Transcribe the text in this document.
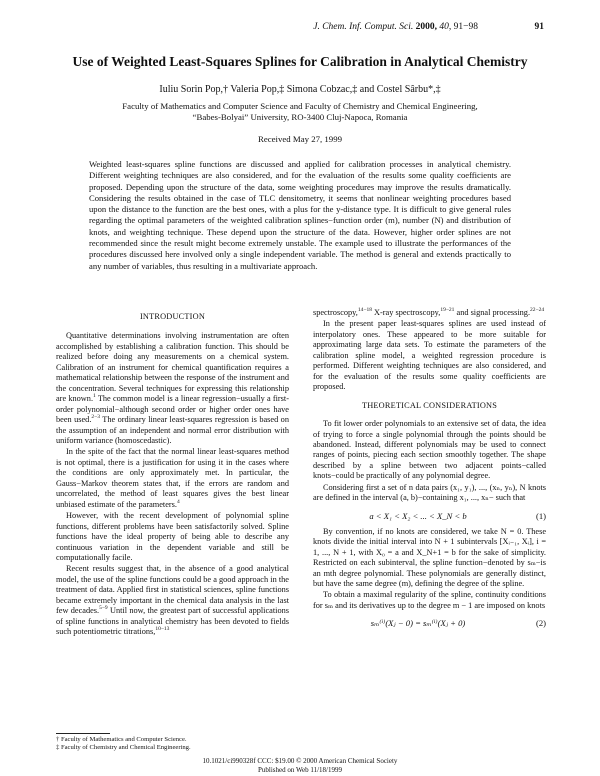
J. Chem. Inf. Comput. Sci. 2000, 40, 91−98	91
Use of Weighted Least-Squares Splines for Calibration in Analytical Chemistry
Iuliu Sorin Pop,† Valeria Pop,‡ Simona Cobzac,‡ and Costel Sârbu*,‡
Faculty of Mathematics and Computer Science and Faculty of Chemistry and Chemical Engineering,
“Babes-Bolyai” University, RO-3400 Cluj-Napoca, Romania
Received May 27, 1999
Weighted least-squares spline functions are discussed and applied for calibration processes in analytical chemistry. Different weighting techniques are also considered, and for the evaluation of the results some quality coefficients are proposed. Depending upon the structure of the data, some weighting procedures may improve the results dramatically. Considering the results obtained in the case of TLC densitometry, it seems that nonlinear weighting procedures based upon the distance to the function are the best ones, with a plus for the y-distance type. It is difficult to give general rules regarding the optimal parameters of the weighted calibration splines−function order (m), number (N) and distribution of knots, and weighting technique. These depend upon the structure of the data. However, higher order splines are not recommended since the result might become extremely unstable. The example used to illustrate the performances of the procedures discussed here involved only a single independent variable. The method is general and extends practically to any number of variables, thus resulting in a multivariate approach.
INTRODUCTION

Quantitative determinations involving instrumentation are often accomplished by establishing a calibration function. This should be realized before doing any measurements on a chemical system. Calibration of an instrument for chemical quantification requires a mathematical relationship between the response of the instrument and the concentration. Several techniques for expressing this relationship are known.$^1$ The common model is a linear regression−usually a first-order polynomial−although second order or higher order ones have been used.$^{2-3}$ The ordinary linear least-squares regression is based on the assumption of an independent and normal error distribution with uniform variance (homoscedastic).

In the spite of the fact that the normal linear least-squares method is not optimal, there is a justification for using it in the cases where the conditions are only approximately met. In particular, the Gauss−Markov theorem states that, if the errors are random and uncorrelated, the method of least squares gives the best linear unbiased estimate of the parameters.$^4$

However, with the recent development of polynomial spline functions, different problems have been satisfactorily solved. Spline functions have the ideal property of being able to describe any continuous variation in the dependent variable and still be computationally facile.

Recent results suggest that, in the absence of a good analytical model, the use of the spline functions could be a good approach in the treatment of data. Applied first in statistical sciences, spline functions became extremely important in the chemical data analysis in the last few decades.$^{5-9}$ Until now, the greatest part of successful applications of spline functions in analytical chemistry has been devoted to fields such potentiometric titrations,$^{10-13}$

spectroscopy,$^{14-18}$ X-ray spectroscopy,$^{19-21}$ and signal processing.$^{22-24}$

In the present paper least-squares splines are used instead of interpolatory ones. These appeared to be more suitable for approximating large data sets. To estimate the parameters of the calibration spline model, a weighted regression procedure is performed. Different weighting techniques are also considered, and for the evaluation of the results some quality coefficients are proposed.

THEORETICAL CONSIDERATIONS

To fit lower order polynomials to an extensive set of data, the idea of trying to force a single polynomial through the points should be abandoned. Instead, different polynomials may be used to connect ranges of points, piecing each section smoothly together. The shape described by a spline between two adjacent points−called knots−could be practically of any polynomial degree.

Considering first a set of n data pairs (x₁, y₁), ..., (xₙ, yₙ), N knots are defined in the interval (a, b)−containing x₁, ..., xₙ− such that

a < X₁ < X₂ < ... < X_N < b	(1)

By convention, if no knots are considered, we take N = 0. These knots divide the initial interval into N + 1 subintervals [Xᵢ₋₁, Xᵢ], i = 1, ..., N + 1, with X₀ = a and X_N+1 = b for the sake of simplicity. Restricted on each subinterval, the spline function−denoted by sₘ−is an mth degree polynomial. These polynomials are generally distinct, but have the same degree (m), defining the degree of the spline.

To obtain a maximal regularity of the spline, continuity conditions for sₘ and its derivatives up to the degree m − 1 are imposed on knots

sₘ⁽ⁱ⁾(Xⱼ − 0) = sₘ⁽ⁱ⁾(Xⱼ + 0)	(2)
† Faculty of Mathematics and Computer Science.
‡ Faculty of Chemistry and Chemical Engineering.
10.1021/ci990328f CCC: $19.00 © 2000 American Chemical Society
Published on Web 11/18/1999
